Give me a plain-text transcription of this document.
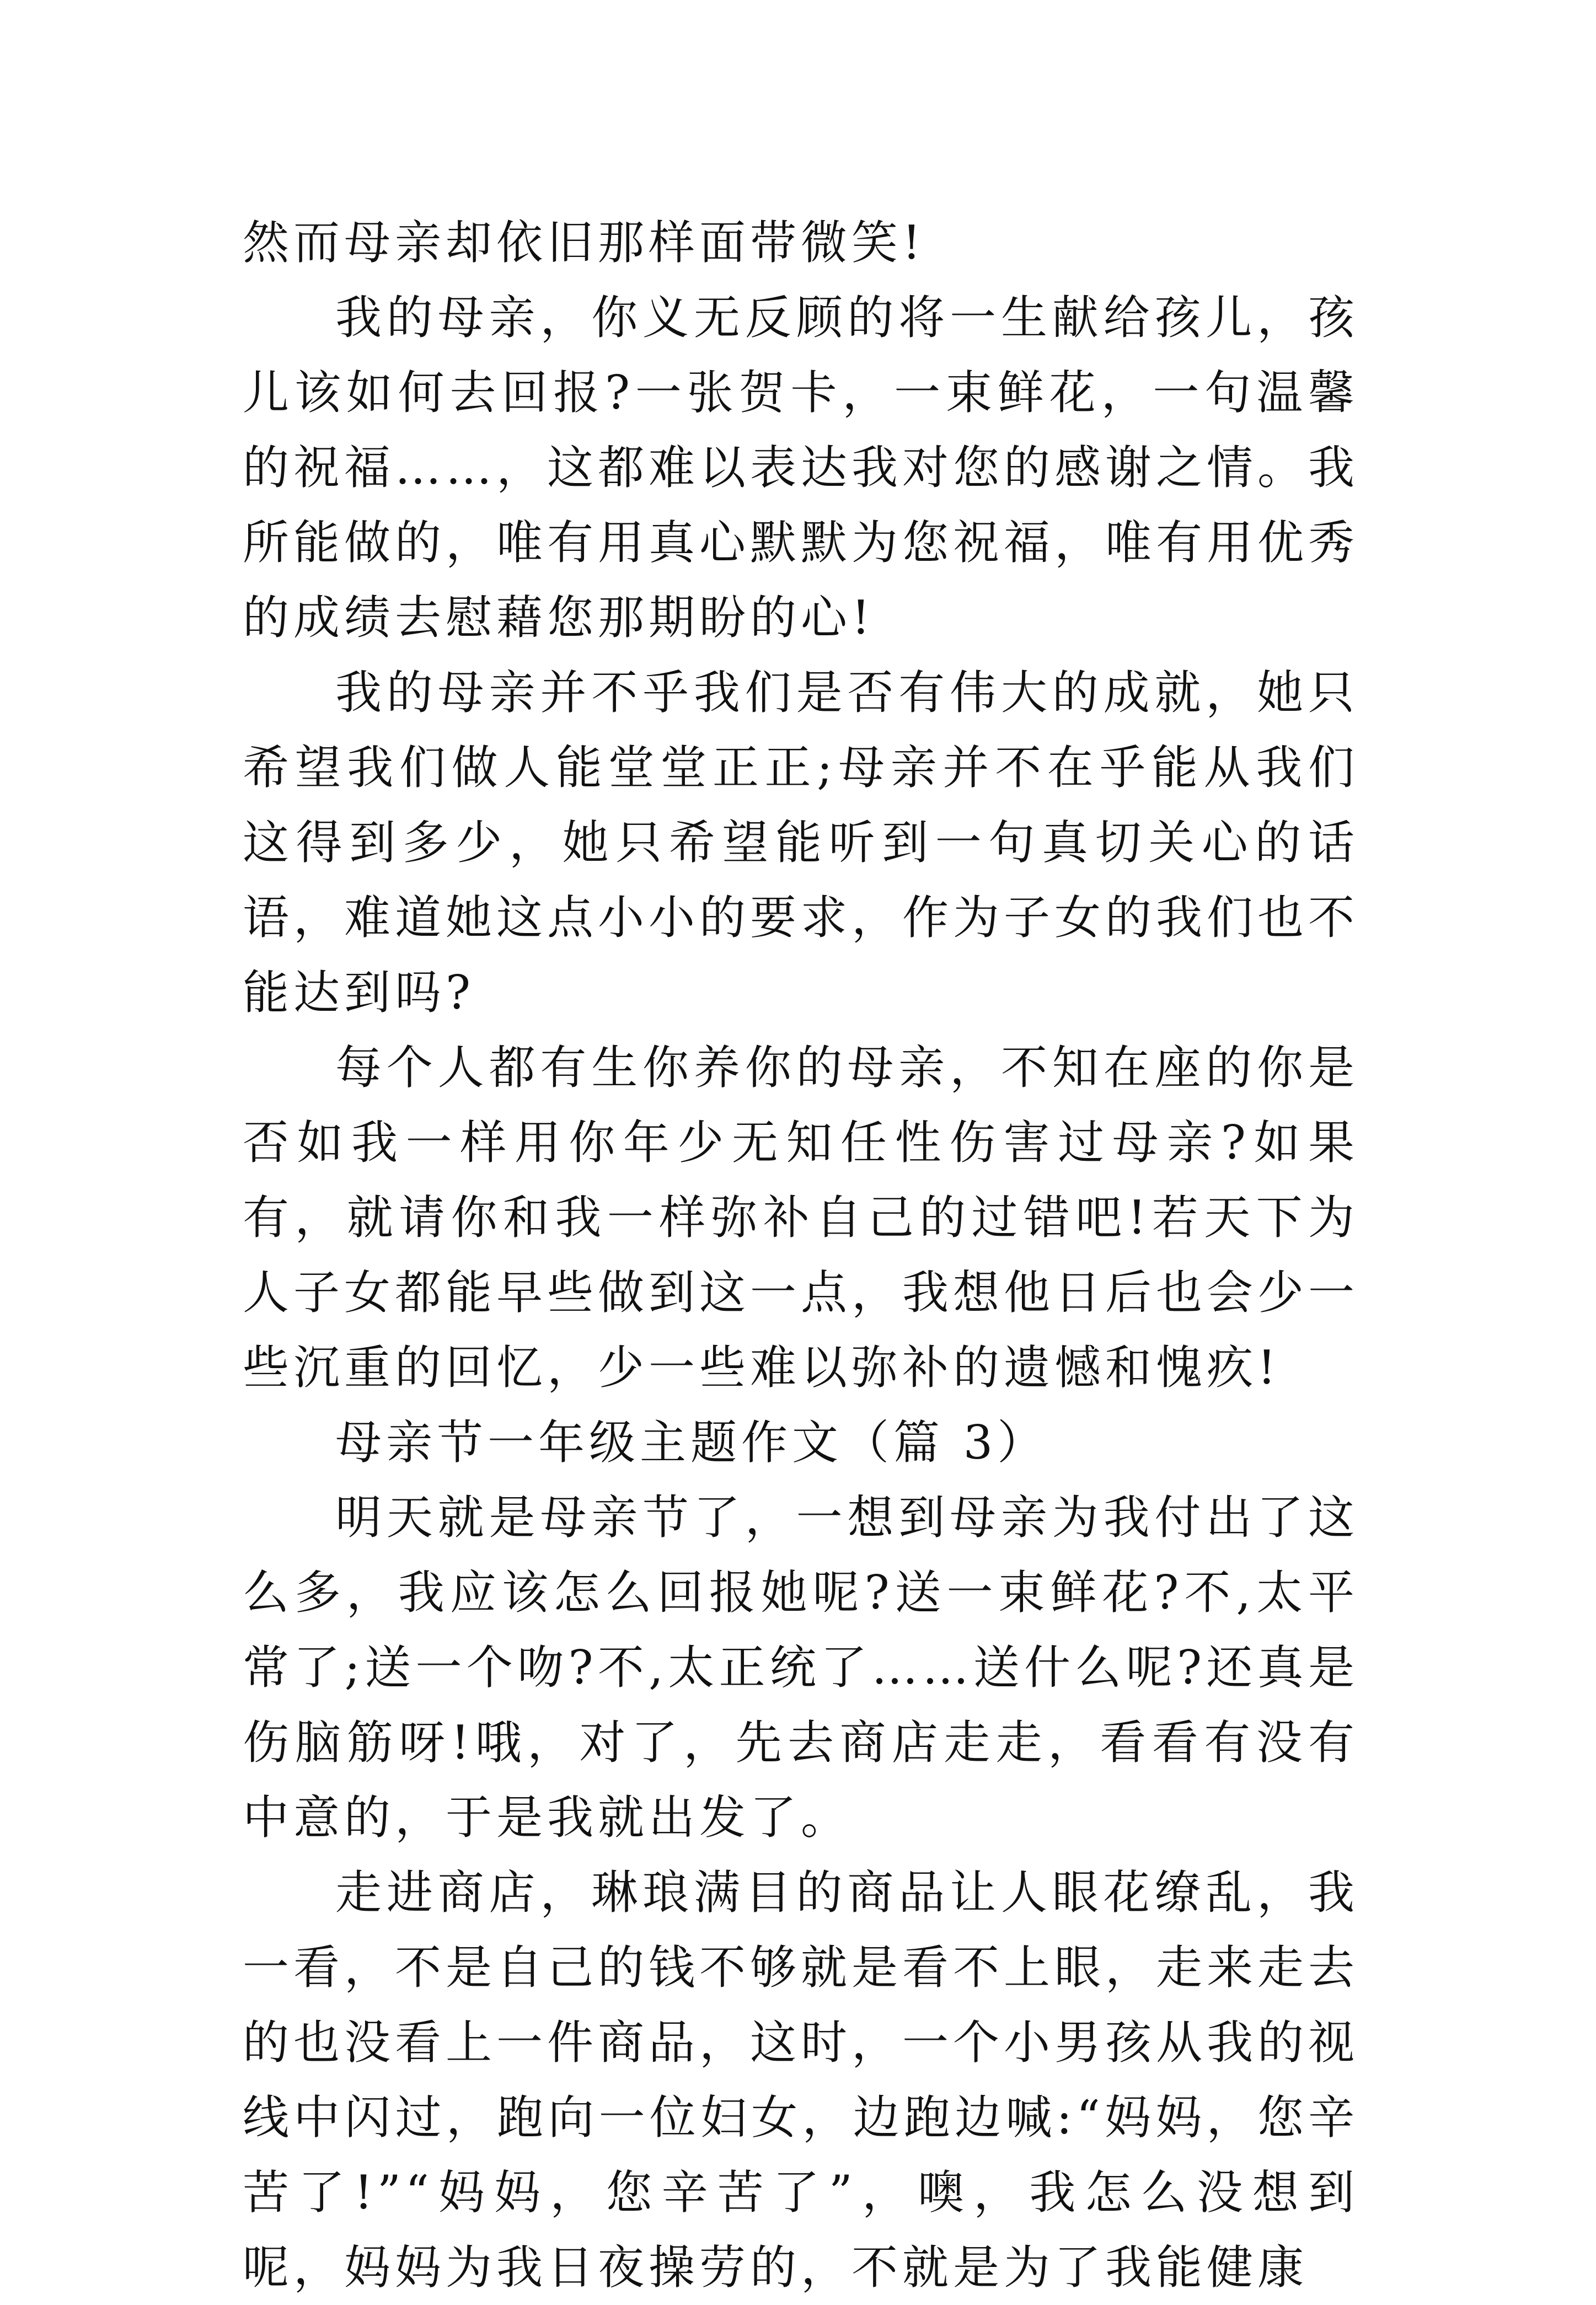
然而母亲却依旧那样面带微笑!

我的母亲，你义无反顾的将一生献给孩儿，孩儿该如何去回报?一张贺卡，一束鲜花，一句温馨的祝福……，这都难以表达我对您的感谢之情。我所能做的，唯有用真心默默为您祝福，唯有用优秀的成绩去慰藉您那期盼的心!

我的母亲并不乎我们是否有伟大的成就，她只希望我们做人能堂堂正正;母亲并不在乎能从我们这得到多少，她只希望能听到一句真切关心的话语，难道她这点小小的要求，作为子女的我们也不能达到吗?

每个人都有生你养你的母亲，不知在座的你是否如我一样用你年少无知任性伤害过母亲?如果有，就请你和我一样弥补自己的过错吧!若天下为人子女都能早些做到这一点，我想他日后也会少一些沉重的回忆，少一些难以弥补的遗憾和愧疚!

母亲节一年级主题作文（篇 3）

明天就是母亲节了，一想到母亲为我付出了这么多，我应该怎么回报她呢?送一束鲜花?不,太平常了;送一个吻?不,太正统了……送什么呢?还真是伤脑筋呀!哦，对了，先去商店走走，看看有没有中意的，于是我就出发了。

走进商店，琳琅满目的商品让人眼花缭乱，我一看，不是自己的钱不够就是看不上眼，走来走去的也没看上一件商品，这时，一个小男孩从我的视线中闪过，跑向一位妇女，边跑边喊:“妈妈，您辛苦了!”“妈妈，您辛苦了”，噢，我怎么没想到呢，妈妈为我日夜操劳的，不就是为了我能健康
